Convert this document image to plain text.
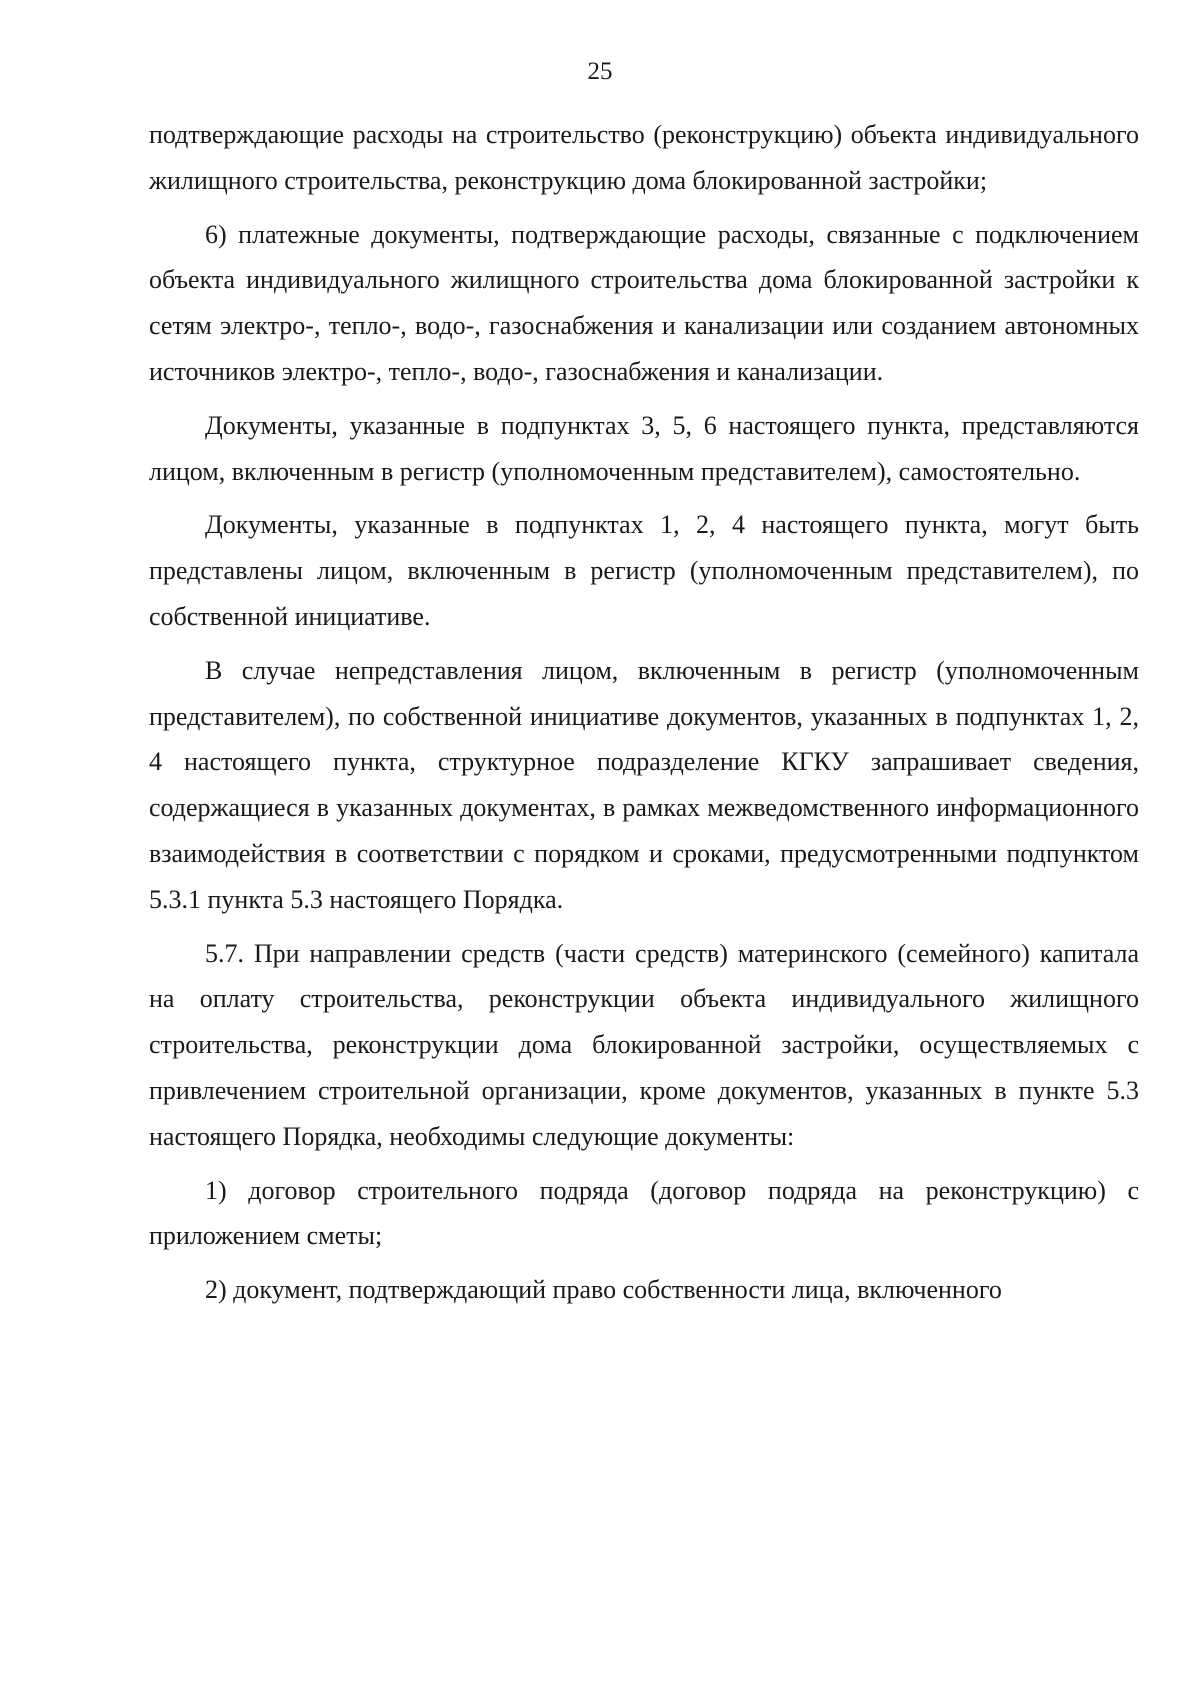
25

подтверждающие расходы на строительство (реконструкцию) объекта индивидуального жилищного строительства, реконструкцию дома блокированной застройки;

6) платежные документы, подтверждающие расходы, связанные с подключением объекта индивидуального жилищного строительства дома блокированной застройки к сетям электро-, тепло-, водо-, газоснабжения и канализации или созданием автономных источников электро-, тепло-, водо-, газоснабжения и канализации.

Документы, указанные в подпунктах 3, 5, 6 настоящего пункта, представляются лицом, включенным в регистр (уполномоченным представителем), самостоятельно.

Документы, указанные в подпунктах 1, 2, 4 настоящего пункта, могут быть представлены лицом, включенным в регистр (уполномоченным представителем), по собственной инициативе.

В случае непредставления лицом, включенным в регистр (уполномоченным представителем), по собственной инициативе документов, указанных в подпунктах 1, 2, 4 настоящего пункта, структурное подразделение КГКУ запрашивает сведения, содержащиеся в указанных документах, в рамках межведомственного информационного взаимодействия в соответствии с порядком и сроками, предусмотренными подпунктом 5.3.1 пункта 5.3 настоящего Порядка.

5.7. При направлении средств (части средств) материнского (семейного) капитала на оплату строительства, реконструкции объекта индивидуального жилищного строительства, реконструкции дома блокированной застройки, осуществляемых с привлечением строительной организации, кроме документов, указанных в пункте 5.3 настоящего Порядка, необходимы следующие документы:

1) договор строительного подряда (договор подряда на реконструкцию) с приложением сметы;

2) документ, подтверждающий право собственности лица, включенного
